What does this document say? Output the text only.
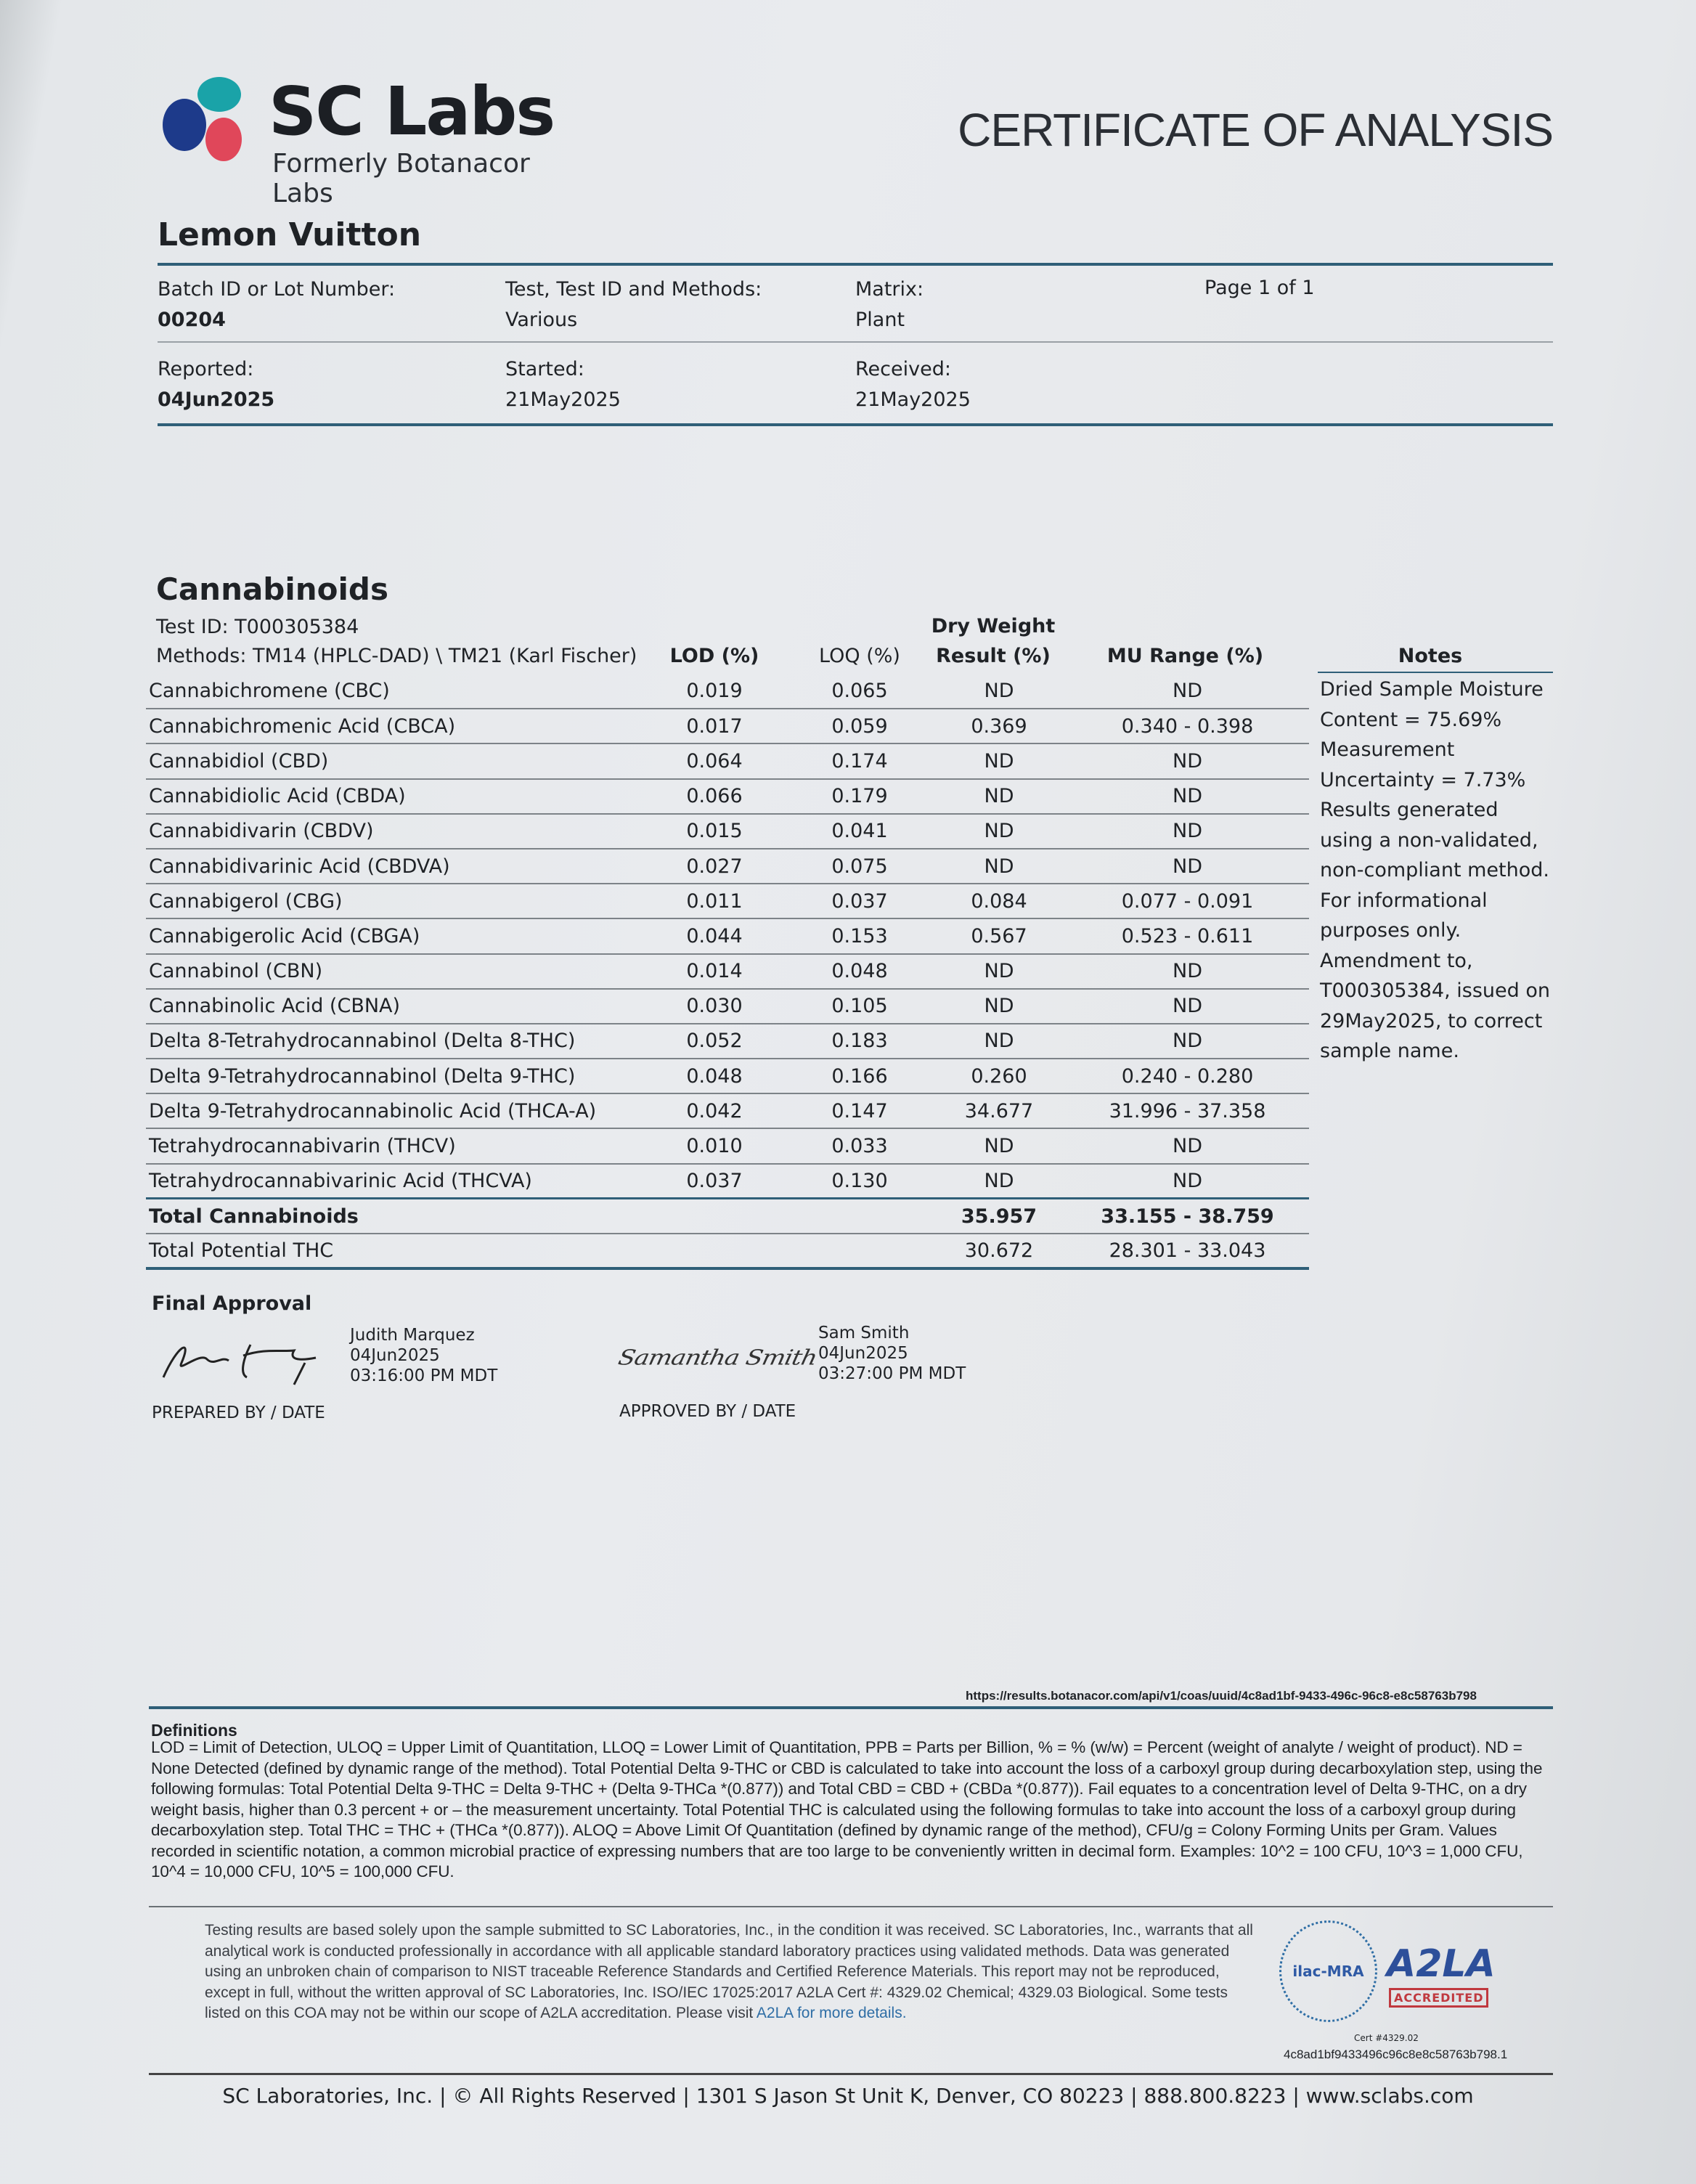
SC Labs
Formerly Botanacor Labs
CERTIFICATE OF ANALYSIS
Lemon Vuitton
Batch ID or Lot Number:
00204
Test, Test ID and Methods:
Various
Matrix:
Plant
Page 1 of 1
Reported:
04Jun2025
Started:
21May2025
Received:
21May2025
Cannabinoids
Test ID: T000305384
Methods: TM14 (HPLC-DAD) \ TM21 (Karl Fischer)	LOD (%)	LOQ (%)
Dry Weight
Result (%)	MU Range (%)	Notes
Cannabichromene (CBC)	0.019	0.065	ND	ND
Cannabichromenic Acid (CBCA)	0.017	0.059	0.369	0.340 - 0.398
Cannabidiol (CBD)	0.064	0.174	ND	ND
Cannabidiolic Acid (CBDA)	0.066	0.179	ND	ND
Cannabidivarin (CBDV)	0.015	0.041	ND	ND
Cannabidivarinic Acid (CBDVA)	0.027	0.075	ND	ND
Cannabigerol (CBG)	0.011	0.037	0.084	0.077 - 0.091
Cannabigerolic Acid (CBGA)	0.044	0.153	0.567	0.523 - 0.611
Cannabinol (CBN)	0.014	0.048	ND	ND
Cannabinolic Acid (CBNA)	0.030	0.105	ND	ND
Delta 8-Tetrahydrocannabinol (Delta 8-THC)	0.052	0.183	ND	ND
Delta 9-Tetrahydrocannabinol (Delta 9-THC)	0.048	0.166	0.260	0.240 - 0.280
Delta 9-Tetrahydrocannabinolic Acid (THCA-A)	0.042	0.147	34.677	31.996 - 37.358
Tetrahydrocannabivarin (THCV)	0.010	0.033	ND	ND
Tetrahydrocannabivarinic Acid (THCVA)	0.037	0.130	ND	ND
Total Cannabinoids			35.957	33.155 - 38.759
Total Potential THC			30.672	28.301 - 33.043
Dried Sample Moisture Content = 75.69% Measurement Uncertainty = 7.73% Results generated using a non-validated, non-compliant method. For informational purposes only. Amendment to, T000305384, issued on 29May2025, to correct sample name.
Final Approval
Judith Marquez
04Jun2025
03:16:00 PM MDT
PREPARED BY / DATE
Samantha Smith
Sam Smith
04Jun2025
03:27:00 PM MDT
APPROVED BY / DATE
https://results.botanacor.com/api/v1/coas/uuid/4c8ad1bf-9433-496c-96c8-e8c58763b798
Definitions
LOD = Limit of Detection, ULOQ = Upper Limit of Quantitation, LLOQ = Lower Limit of Quantitation, PPB = Parts per Billion, % = % (w/w) = Percent (weight of analyte / weight of product). ND = None Detected (defined by dynamic range of the method). Total Potential Delta 9-THC or CBD is calculated to take into account the loss of a carboxyl group during decarboxylation step, using the following formulas: Total Potential Delta 9-THC = Delta 9-THC + (Delta 9-THCa *(0.877)) and Total CBD = CBD + (CBDa *(0.877)). Fail equates to a concentration level of Delta 9-THC, on a dry weight basis, higher than 0.3 percent + or – the measurement uncertainty. Total Potential THC is calculated using the following formulas to take into account the loss of a carboxyl group during decarboxylation step. Total THC = THC + (THCa *(0.877)). ALOQ = Above Limit Of Quantitation (defined by dynamic range of the method), CFU/g = Colony Forming Units per Gram. Values recorded in scientific notation, a common microbial practice of expressing numbers that are too large to be conveniently written in decimal form. Examples: 10^2 = 100 CFU, 10^3 = 1,000 CFU, 10^4 = 10,000 CFU, 10^5 = 100,000 CFU.
Testing results are based solely upon the sample submitted to SC Laboratories, Inc., in the condition it was received. SC Laboratories, Inc., warrants that all analytical work is conducted professionally in accordance with all applicable standard laboratory practices using validated methods. Data was generated using an unbroken chain of comparison to NIST traceable Reference Standards and Certified Reference Materials. This report may not be reproduced, except in full, without the written approval of SC Laboratories, Inc. ISO/IEC 17025:2017 A2LA Cert #: 4329.02 Chemical; 4329.03 Biological. Some tests listed on this COA may not be within our scope of A2LA accreditation. Please visit A2LA for more details.
ilac-MRA A2LA
ACCREDITED
Cert #4329.02
4c8ad1bf9433496c96c8e8c58763b798.1
SC Laboratories, Inc. | © All Rights Reserved | 1301 S Jason St Unit K, Denver, CO 80223 | 888.800.8223 | www.sclabs.com
